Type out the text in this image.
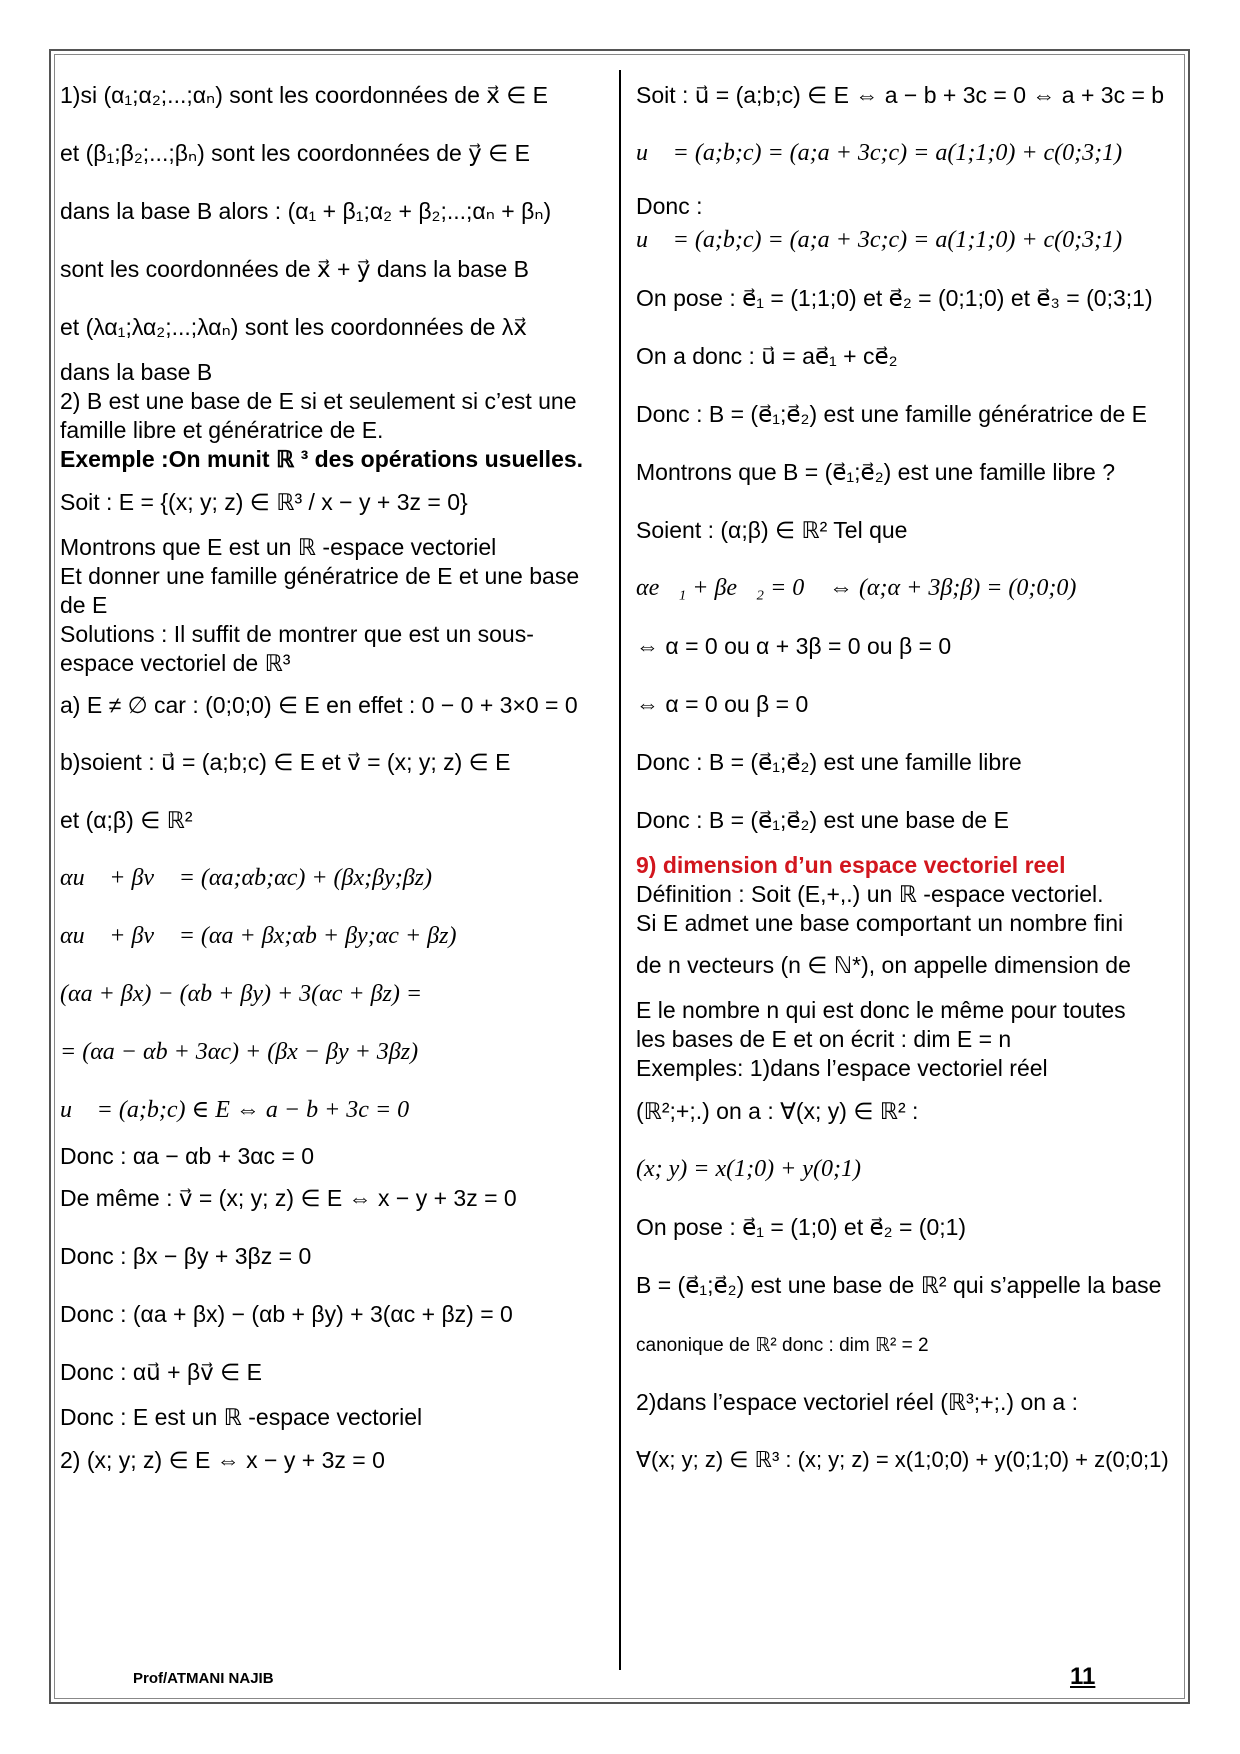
1)si (α₁;α₂;...;αₙ) sont les coordonnées de x⃗ ∈ E
et (β₁;β₂;...;βₙ) sont les coordonnées de y⃗ ∈ E
dans la base B alors : (α₁ + β₁;α₂ + β₂;...;αₙ + βₙ)
sont les coordonnées de x⃗ + y⃗ dans la base B
et (λα₁;λα₂;...;λαₙ) sont les coordonnées de λx⃗
dans la base B
2) B est une base de E si et seulement si c’est une
famille libre et génératrice de E.
Exemple :On munit ℝ ³ des opérations usuelles.
Soit : E = {(x; y; z) ∈ ℝ³ / x − y + 3z = 0}
Montrons que E est un ℝ -espace vectoriel
Et donner une famille génératrice de E et une base
de E
Solutions : Il suffit de montrer que est un sous-
espace vectoriel de ℝ³
a) E ≠ ∅ car : (0;0;0) ∈ E en effet : 0 − 0 + 3×0 = 0
b)soient : u⃗ = (a;b;c) ∈ E et v⃗ = (x; y; z) ∈ E
et (α;β) ∈ ℝ²
αu⃗ + βv⃗ = (αa;αb;αc) + (βx;βy;βz)
αu⃗ + βv⃗ = (αa + βx;αb + βy;αc + βz)
(αa + βx) − (αb + βy) + 3(αc + βz) =
= (αa − αb + 3αc) + (βx − βy + 3βz)
u⃗ = (a;b;c) ∈ E ⇔ a − b + 3c = 0
Donc : αa − αb + 3αc = 0
De même : v⃗ = (x; y; z) ∈ E ⇔ x − y + 3z = 0
Donc : βx − βy + 3βz = 0
Donc : (αa + βx) − (αb + βy) + 3(αc + βz) = 0
Donc : αu⃗ + βv⃗ ∈ E
Donc : E est un ℝ -espace vectoriel
2) (x; y; z) ∈ E ⇔ x − y + 3z = 0
Soit : u⃗ = (a;b;c) ∈ E ⇔ a − b + 3c = 0 ⇔ a + 3c = b
u⃗ = (a;b;c) = (a;a + 3c;c) = a(1;1;0) + c(0;3;1)
Donc :
u⃗ = (a;b;c) = (a;a + 3c;c) = a(1;1;0) + c(0;3;1)
On pose : e⃗₁ = (1;1;0) et e⃗₂ = (0;1;0) et e⃗₃ = (0;3;1)
On a donc : u⃗ = ae⃗₁ + ce⃗₂
Donc : B = (e⃗₁;e⃗₂) est une famille génératrice de E
Montrons que B = (e⃗₁;e⃗₂) est une famille libre ?
Soient : (α;β) ∈ ℝ² Tel que
αe⃗₁ + βe⃗₂ = 0⃗ ⇔ (α;α + 3β;β) = (0;0;0)
⇔ α = 0 ou α + 3β = 0 ou β = 0
⇔ α = 0 ou β = 0
Donc : B = (e⃗₁;e⃗₂) est une famille libre
Donc : B = (e⃗₁;e⃗₂) est une base de E
9) dimension d’un espace vectoriel reel
Définition : Soit (E,+,.) un ℝ -espace vectoriel.
Si E admet une base comportant un nombre fini
de n vecteurs (n ∈ ℕ*), on appelle dimension de
E le nombre n qui est donc le même pour toutes
les bases de E et on écrit : dim E = n
Exemples: 1)dans l’espace vectoriel réel
(ℝ²;+;.) on a : ∀(x; y) ∈ ℝ² :
(x; y) = x(1;0) + y(0;1)
On pose : e⃗₁ = (1;0) et e⃗₂ = (0;1)
B = (e⃗₁;e⃗₂) est une base de ℝ² qui s’appelle la base
canonique de ℝ² donc : dim ℝ² = 2
2)dans l’espace vectoriel réel (ℝ³;+;.) on a :
∀(x; y; z) ∈ ℝ³ : (x; y; z) = x(1;0;0) + y(0;1;0) + z(0;0;1)
Prof/ATMANI NAJIB	11
